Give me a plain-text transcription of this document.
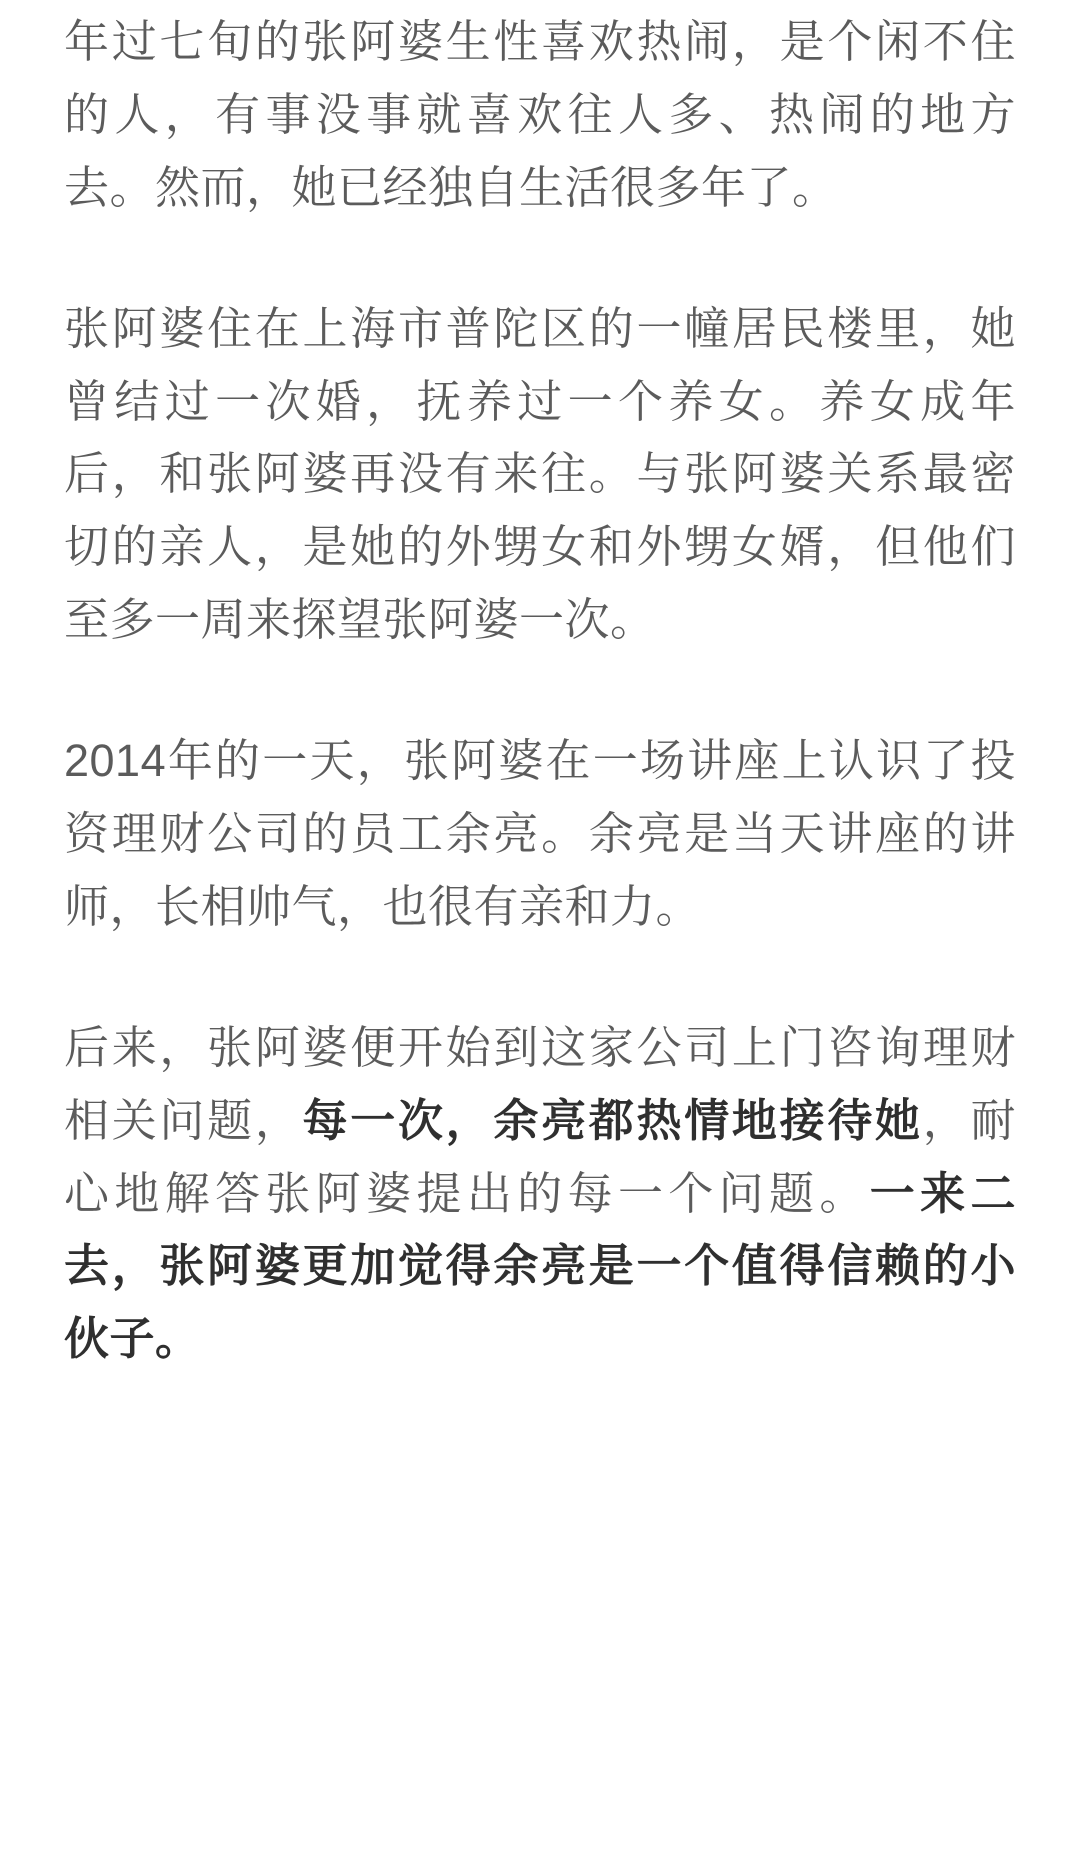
年过七旬的张阿婆生性喜欢热闹，是个闲不住的人，有事没事就喜欢往人多、热闹的地方去。然而，她已经独自生活很多年了。

张阿婆住在上海市普陀区的一幢居民楼里，她曾结过一次婚，抚养过一个养女。养女成年后，和张阿婆再没有来往。与张阿婆关系最密切的亲人，是她的外甥女和外甥女婿，但他们至多一周来探望张阿婆一次。

2014年的一天，张阿婆在一场讲座上认识了投资理财公司的员工余亮。余亮是当天讲座的讲师，长相帅气，也很有亲和力。

后来，张阿婆便开始到这家公司上门咨询理财相关问题，每一次，余亮都热情地接待她，耐心地解答张阿婆提出的每一个问题。一来二去，张阿婆更加觉得余亮是一个值得信赖的小伙子。
